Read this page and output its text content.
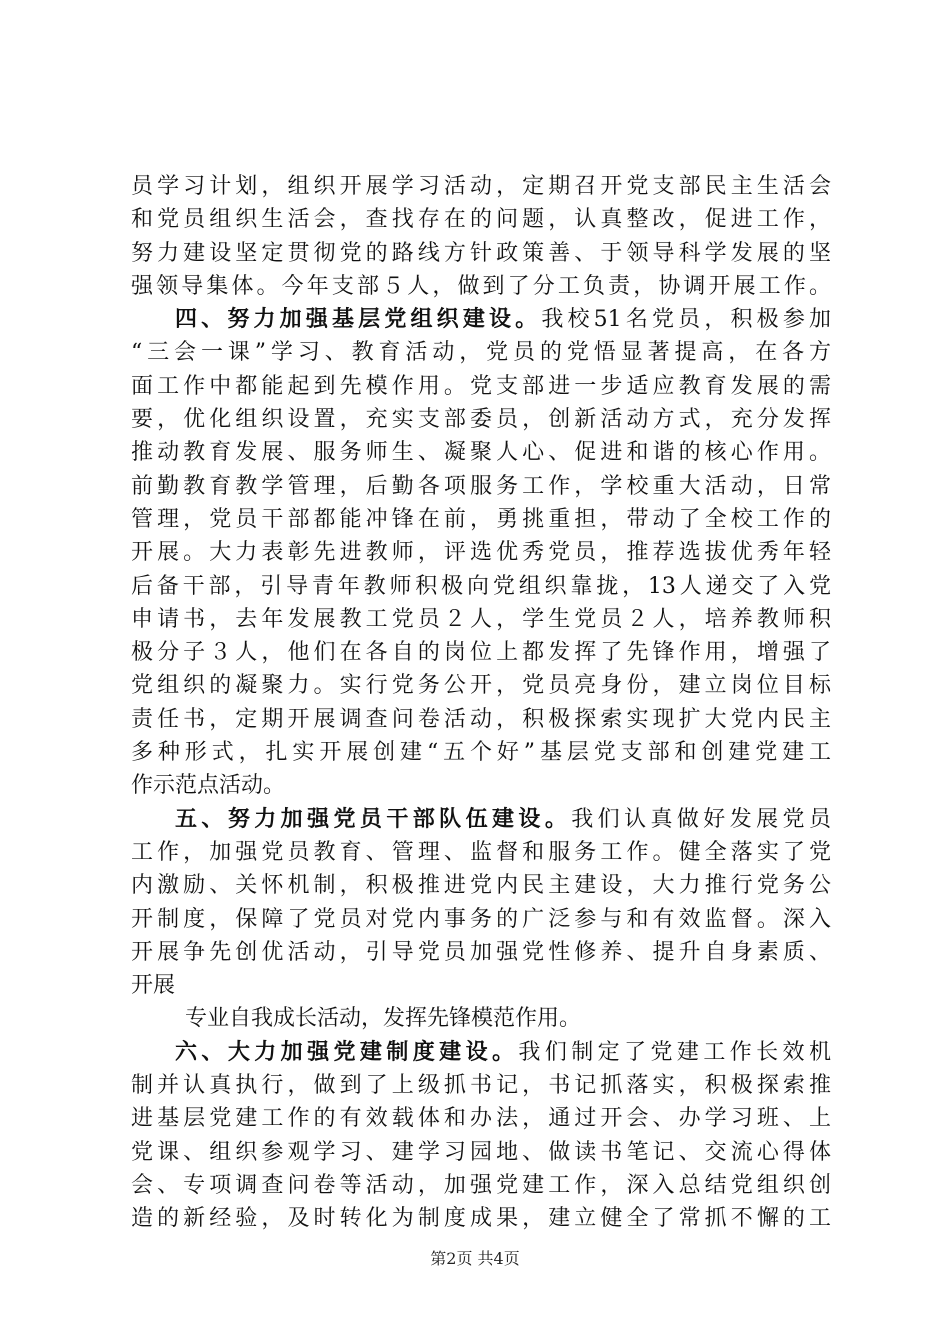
员学习计划，组织开展学习活动，定期召开党支部民主生活会
和党员组织生活会，查找存在的问题，认真整改，促进工作，
努力建设坚定贯彻党的路线方针政策善、于领导科学发展的坚
强领导集体。今年支部５人，做到了分工负责，协调开展工作。
四、努力加强基层党组织建设。我校51名党员，积极参加
“三会一课”学习、教育活动，党员的党悟显著提高，在各方
面工作中都能起到先模作用。党支部进一步适应教育发展的需
要，优化组织设置，充实支部委员，创新活动方式，充分发挥
推动教育发展、服务师生、凝聚人心、促进和谐的核心作用。
前勤教育教学管理，后勤各项服务工作，学校重大活动，日常
管理，党员干部都能冲锋在前，勇挑重担，带动了全校工作的
开展。大力表彰先进教师，评选优秀党员，推荐选拔优秀年轻
后备干部，引导青年教师积极向党组织靠拢，13人递交了入党
申请书，去年发展教工党员２人，学生党员２人，培养教师积
极分子３人，他们在各自的岗位上都发挥了先锋作用，增强了
党组织的凝聚力。实行党务公开，党员亮身份，建立岗位目标
责任书，定期开展调查问卷活动，积极探索实现扩大党内民主
多种形式，扎实开展创建“五个好”基层党支部和创建党建工
作示范点活动。
五、努力加强党员干部队伍建设。我们认真做好发展党员
工作，加强党员教育、管理、监督和服务工作。健全落实了党
内激励、关怀机制，积极推进党内民主建设，大力推行党务公
开制度，保障了党员对党内事务的广泛参与和有效监督。深入
开展争先创优活动，引导党员加强党性修养、提升自身素质、
开展
专业自我成长活动，发挥先锋模范作用。
六、大力加强党建制度建设。我们制定了党建工作长效机
制并认真执行，做到了上级抓书记，书记抓落实，积极探索推
进基层党建工作的有效载体和办法，通过开会、办学习班、上
党课、组织参观学习、建学习园地、做读书笔记、交流心得体
会、专项调查问卷等活动，加强党建工作，深入总结党组织创
造的新经验，及时转化为制度成果，建立健全了常抓不懈的工
第2页 共4页
